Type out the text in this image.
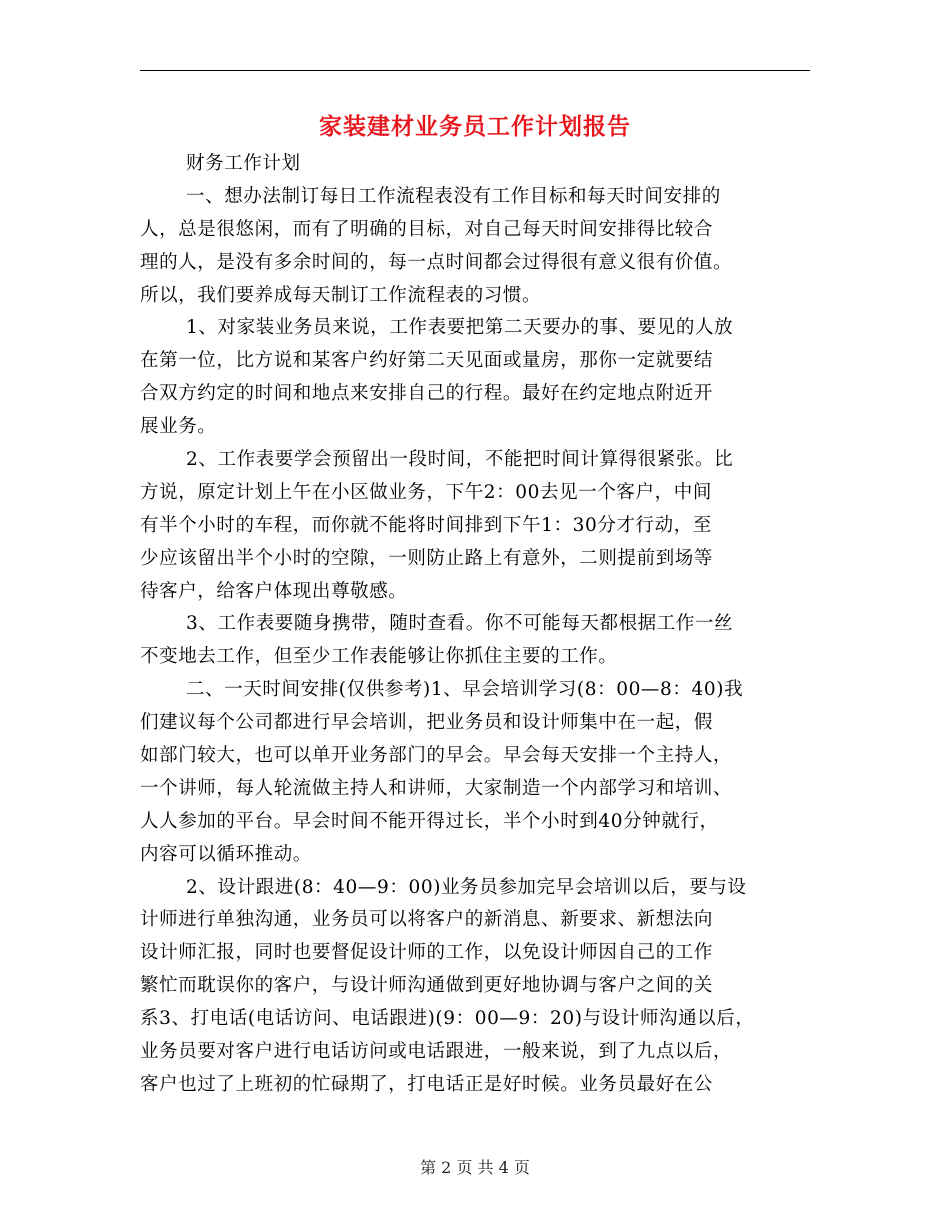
家装建材业务员工作计划报告
财务工作计划
一、想办法制订每日工作流程表没有工作目标和每天时间安排的
人，总是很悠闲，而有了明确的目标，对自己每天时间安排得比较合
理的人，是没有多余时间的，每一点时间都会过得很有意义很有价值。
所以，我们要养成每天制订工作流程表的习惯。
1、对家装业务员来说，工作表要把第二天要办的事、要见的人放
在第一位，比方说和某客户约好第二天见面或量房，那你一定就要结
合双方约定的时间和地点来安排自己的行程。最好在约定地点附近开
展业务。
2、工作表要学会预留出一段时间，不能把时间计算得很紧张。比
方说，原定计划上午在小区做业务，下午2：00去见一个客户，中间
有半个小时的车程，而你就不能将时间排到下午1：30分才行动，至
少应该留出半个小时的空隙，一则防止路上有意外，二则提前到场等
待客户，给客户体现出尊敬感。
3、工作表要随身携带，随时查看。你不可能每天都根据工作一丝
不变地去工作，但至少工作表能够让你抓住主要的工作。
二、一天时间安排(仅供参考)1、早会培训学习(8：00—8：40)我
们建议每个公司都进行早会培训，把业务员和设计师集中在一起，假
如部门较大，也可以单开业务部门的早会。早会每天安排一个主持人，
一个讲师，每人轮流做主持人和讲师，大家制造一个内部学习和培训、
人人参加的平台。早会时间不能开得过长，半个小时到40分钟就行，
内容可以循环推动。
2、设计跟进(8：40—9：00)业务员参加完早会培训以后，要与设
计师进行单独沟通，业务员可以将客户的新消息、新要求、新想法向
设计师汇报，同时也要督促设计师的工作，以免设计师因自己的工作
繁忙而耽误你的客户，与设计师沟通做到更好地协调与客户之间的关
系3、打电话(电话访问、电话跟进)(9：00—9：20)与设计师沟通以后，
业务员要对客户进行电话访问或电话跟进，一般来说，到了九点以后，
客户也过了上班初的忙碌期了，打电话正是好时候。业务员最好在公
第 2 页 共 4 页
